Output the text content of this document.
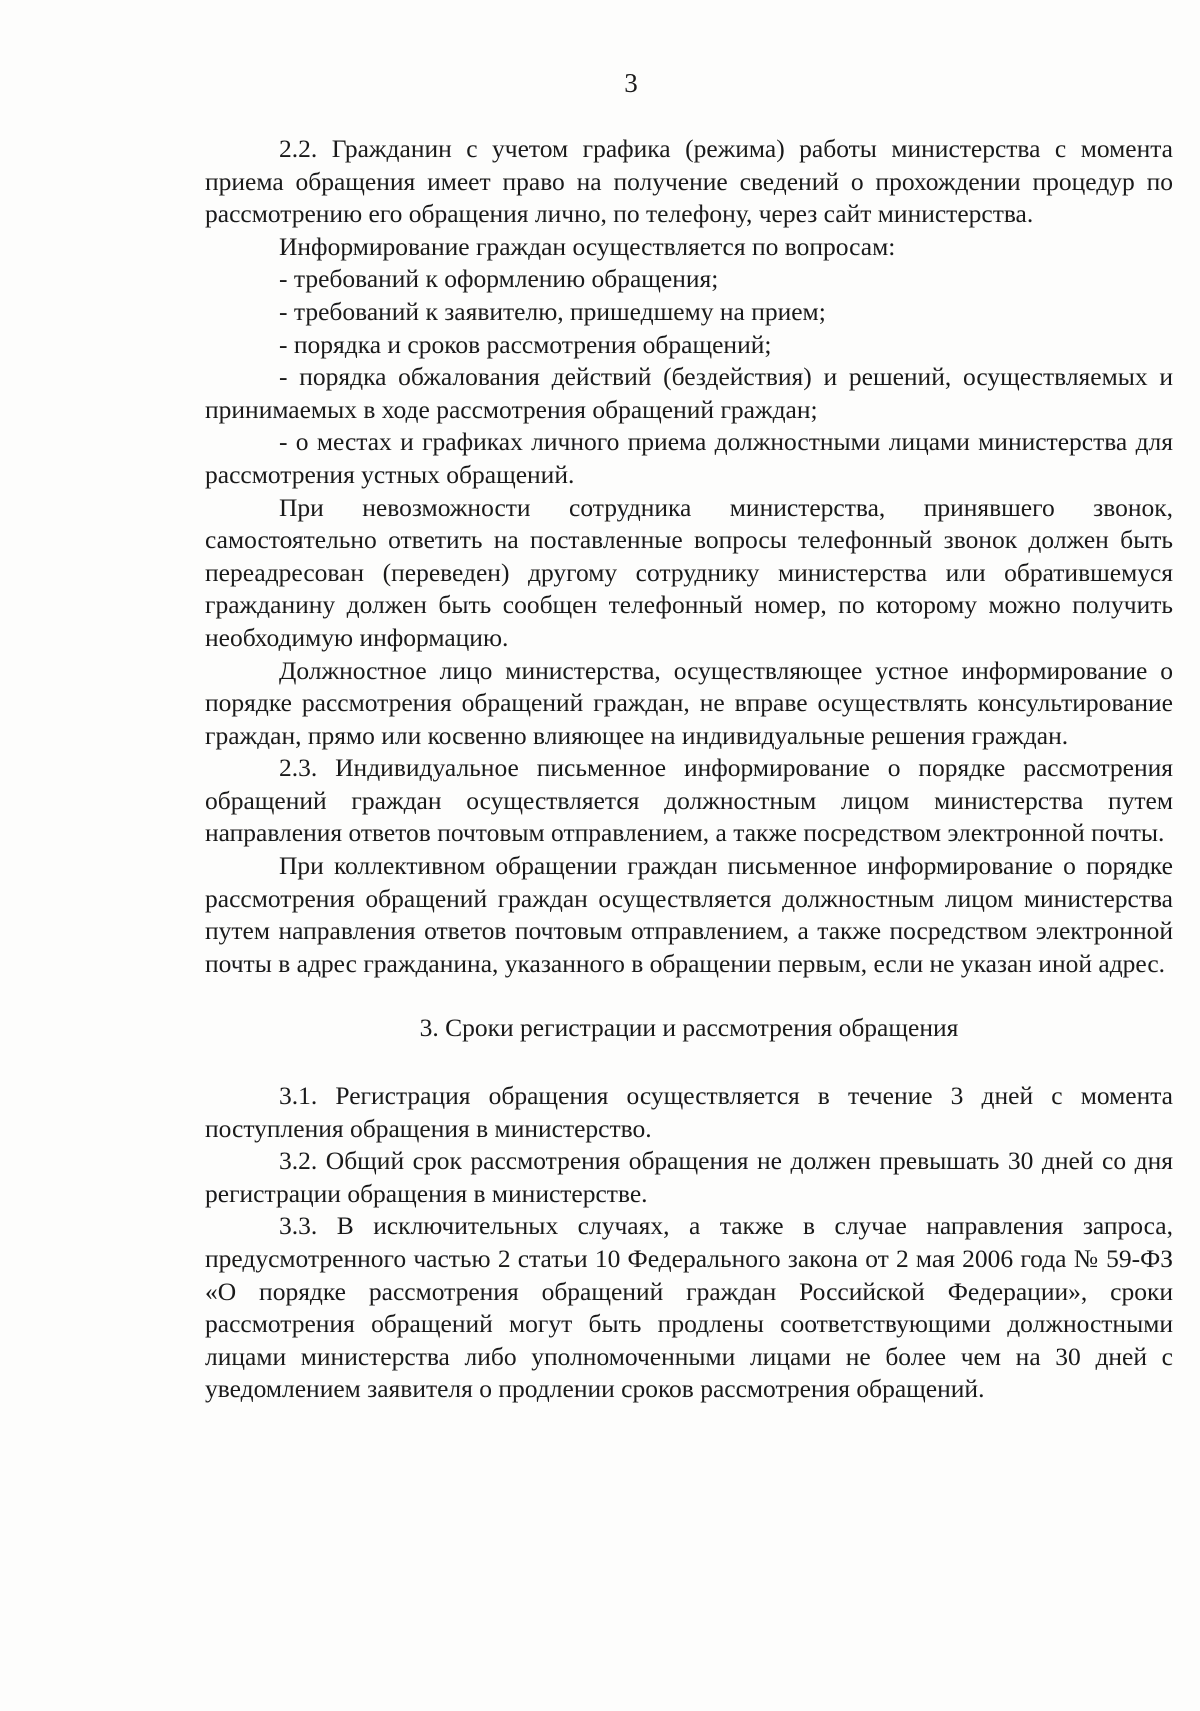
3

2.2. Гражданин с учетом графика (режима) работы министерства с момента приема обращения имеет право на получение сведений о прохождении процедур по рассмотрению его обращения лично, по телефону, через сайт министерства.

Информирование граждан осуществляется по вопросам:

- требований к оформлению обращения;

- требований к заявителю, пришедшему на прием;

- порядка и сроков рассмотрения обращений;

- порядка обжалования действий (бездействия) и решений, осуществляемых и принимаемых в ходе рассмотрения обращений граждан;

- о местах и графиках личного приема должностными лицами министерства для рассмотрения устных обращений.

При невозможности сотрудника министерства, принявшего звонок, самостоятельно ответить на поставленные вопросы телефонный звонок должен быть переадресован (переведен) другому сотруднику министерства или обратившемуся гражданину должен быть сообщен телефонный номер, по которому можно получить необходимую информацию.

Должностное лицо министерства, осуществляющее устное информирование о порядке рассмотрения обращений граждан, не вправе осуществлять консультирование граждан, прямо или косвенно влияющее на индивидуальные решения граждан.

2.3. Индивидуальное письменное информирование о порядке рассмотрения обращений граждан осуществляется должностным лицом министерства путем направления ответов почтовым отправлением, а также посредством электронной почты.

При коллективном обращении граждан письменное информирование о порядке рассмотрения обращений граждан осуществляется должностным лицом министерства путем направления ответов почтовым отправлением, а также посредством электронной почты в адрес гражданина, указанного в обращении первым, если не указан иной адрес.

3. Сроки регистрации и рассмотрения обращения

3.1. Регистрация обращения осуществляется в течение 3 дней с момента поступления обращения в министерство.

3.2. Общий срок рассмотрения обращения не должен превышать 30 дней со дня регистрации обращения в министерстве.

3.3. В исключительных случаях, а также в случае направления запроса, предусмотренного частью 2 статьи 10 Федерального закона от 2 мая 2006 года № 59-ФЗ «О порядке рассмотрения обращений граждан Российской Федерации», сроки рассмотрения обращений могут быть продлены соответствующими должностными лицами министерства либо уполномоченными лицами не более чем на 30 дней с уведомлением заявителя о продлении сроков рассмотрения обращений.
